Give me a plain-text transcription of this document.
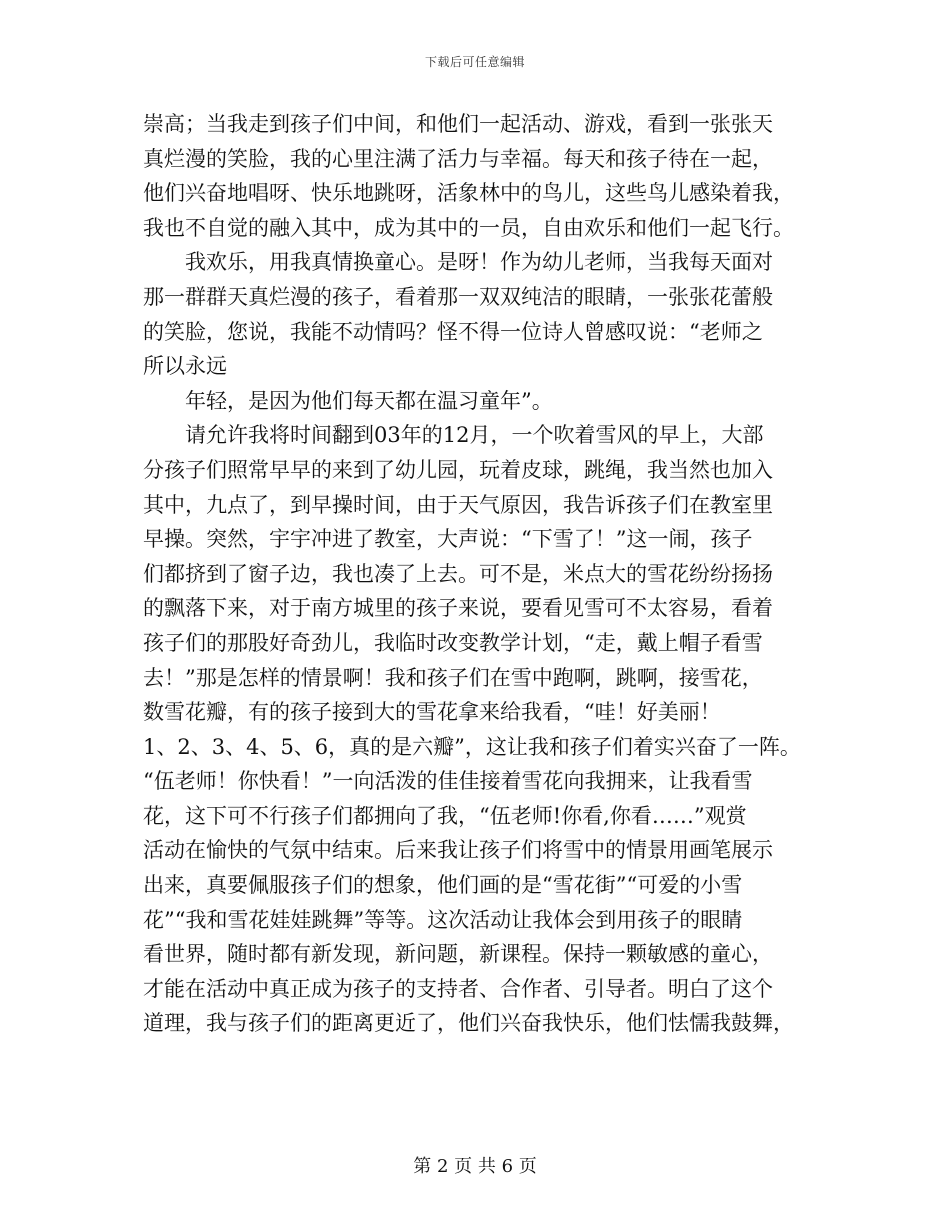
下载后可任意编辑
崇高；当我走到孩子们中间，和他们一起活动、游戏，看到一张张天
真烂漫的笑脸，我的心里注满了活力与幸福。每天和孩子待在一起，
他们兴奋地唱呀、快乐地跳呀，活象林中的鸟儿，这些鸟儿感染着我，
我也不自觉的融入其中，成为其中的一员，自由欢乐和他们一起飞行。
我欢乐，用我真情换童心。是呀！作为幼儿老师，当我每天面对
那一群群天真烂漫的孩子，看着那一双双纯洁的眼睛，一张张花蕾般
的笑脸，您说，我能不动情吗？怪不得一位诗人曾感叹说：“老师之
所以永远
年轻，是因为他们每天都在温习童年”。
请允许我将时间翻到03年的12月，一个吹着雪风的早上，大部
分孩子们照常早早的来到了幼儿园，玩着皮球，跳绳，我当然也加入
其中，九点了，到早操时间，由于天气原因，我告诉孩子们在教室里
早操。突然，宇宇冲进了教室，大声说：“下雪了！”这一闹，孩子
们都挤到了窗子边，我也凑了上去。可不是，米点大的雪花纷纷扬扬
的飘落下来，对于南方城里的孩子来说，要看见雪可不太容易，看着
孩子们的那股好奇劲儿，我临时改变教学计划，“走，戴上帽子看雪
去！”那是怎样的情景啊！我和孩子们在雪中跑啊，跳啊，接雪花，
数雪花瓣，有的孩子接到大的雪花拿来给我看，“哇！好美丽！
1、2、3、4、5、6，真的是六瓣”，这让我和孩子们着实兴奋了一阵。
“伍老师！你快看！”一向活泼的佳佳接着雪花向我拥来，让我看雪
花，这下可不行孩子们都拥向了我，“伍老师!你看,你看……”观赏
活动在愉快的气氛中结束。后来我让孩子们将雪中的情景用画笔展示
出来，真要佩服孩子们的想象，他们画的是“雪花街”“可爱的小雪
花”“我和雪花娃娃跳舞”等等。这次活动让我体会到用孩子的眼睛
看世界，随时都有新发现，新问题，新课程。保持一颗敏感的童心，
才能在活动中真正成为孩子的支持者、合作者、引导者。明白了这个
道理，我与孩子们的距离更近了，他们兴奋我快乐，他们怯懦我鼓舞，
第 2 页 共 6 页
